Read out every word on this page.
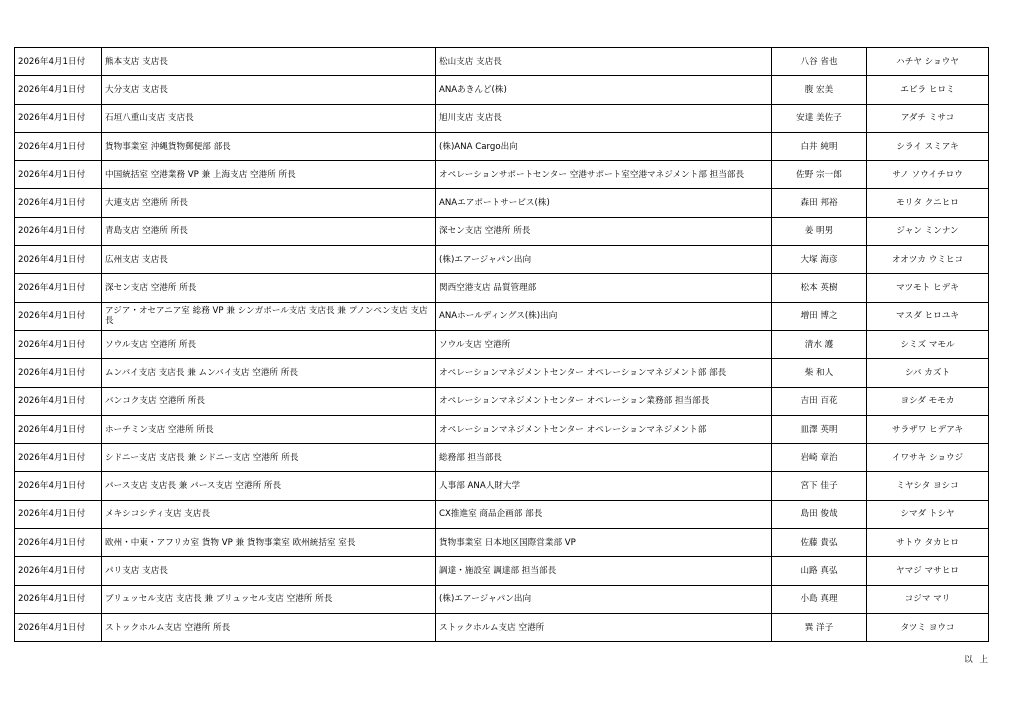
2026年4月1日付	熊本支店 支店長	松山支店 支店長	八谷 省也	ハチヤ ショウヤ
2026年4月1日付	大分支店 支店長	ANAあきんど(株)	腹 宏美	エビラ ヒロミ
2026年4月1日付	石垣八重山支店 支店長	旭川支店 支店長	安達 美佐子	アダチ ミサコ
2026年4月1日付	貨物事業室 沖縄貨物郵便部 部長	(株)ANA Cargo出向	白井 純明	シライ スミアキ
2026年4月1日付	中国統括室 空港業務 VP 兼 上海支店 空港所 所長	オペレーションサポートセンター 空港サポート室空港マネジメント部 担当部長	佐野 宗一郎	サノ ソウイチロウ
2026年4月1日付	大連支店 空港所 所長	ANAエアポートサービス(株)	森田 邦裕	モリタ クニヒロ
2026年4月1日付	青島支店 空港所 所長	深セン支店 空港所 所長	姜 明男	ジャン ミンナン
2026年4月1日付	広州支店 支店長	(株)エアージャパン出向	大塚 海彦	オオツカ ウミヒコ
2026年4月1日付	深セン支店 空港所 所長	関西空港支店 品質管理部	松本 英樹	マツモト ヒデキ
2026年4月1日付	アジア・オセアニア室 総務 VP 兼 シンガポール支店 支店長 兼 プノンペン支店 支店長	ANAホールディングス(株)出向	増田 博之	マスダ ヒロユキ
2026年4月1日付	ソウル支店 空港所 所長	ソウル支店 空港所	清水 護	シミズ マモル
2026年4月1日付	ムンバイ支店 支店長 兼 ムンバイ支店 空港所 所長	オペレーションマネジメントセンター オペレーションマネジメント部 部長	柴 和人	シバ カズト
2026年4月1日付	バンコク支店 空港所 所長	オペレーションマネジメントセンター オペレーション業務部 担当部長	吉田 百花	ヨシダ モモカ
2026年4月1日付	ホーチミン支店 空港所 所長	オペレーションマネジメントセンター オペレーションマネジメント部	皿澤 英明	サラザワ ヒデアキ
2026年4月1日付	シドニー支店 支店長 兼 シドニー支店 空港所 所長	総務部 担当部長	岩崎 章治	イワサキ ショウジ
2026年4月1日付	パース支店 支店長 兼 パース支店 空港所 所長	人事部 ANA人財大学	宮下 佳子	ミヤシタ ヨシコ
2026年4月1日付	メキシコシティ支店 支店長	CX推進室 商品企画部 部長	島田 俊哉	シマダ トシヤ
2026年4月1日付	欧州・中東・アフリカ室 貨物 VP 兼 貨物事業室 欧州統括室 室長	貨物事業室 日本地区国際営業部 VP	佐藤 貴弘	サトウ タカヒロ
2026年4月1日付	パリ支店 支店長	調達・施設室 調達部 担当部長	山路 真弘	ヤマジ マサヒロ
2026年4月1日付	ブリュッセル支店 支店長 兼 ブリュッセル支店 空港所 所長	(株)エアージャパン出向	小島 真理	コジマ マリ
2026年4月1日付	ストックホルム支店 空港所 所長	ストックホルム支店 空港所	巽 洋子	タツミ ヨウコ
以 上
